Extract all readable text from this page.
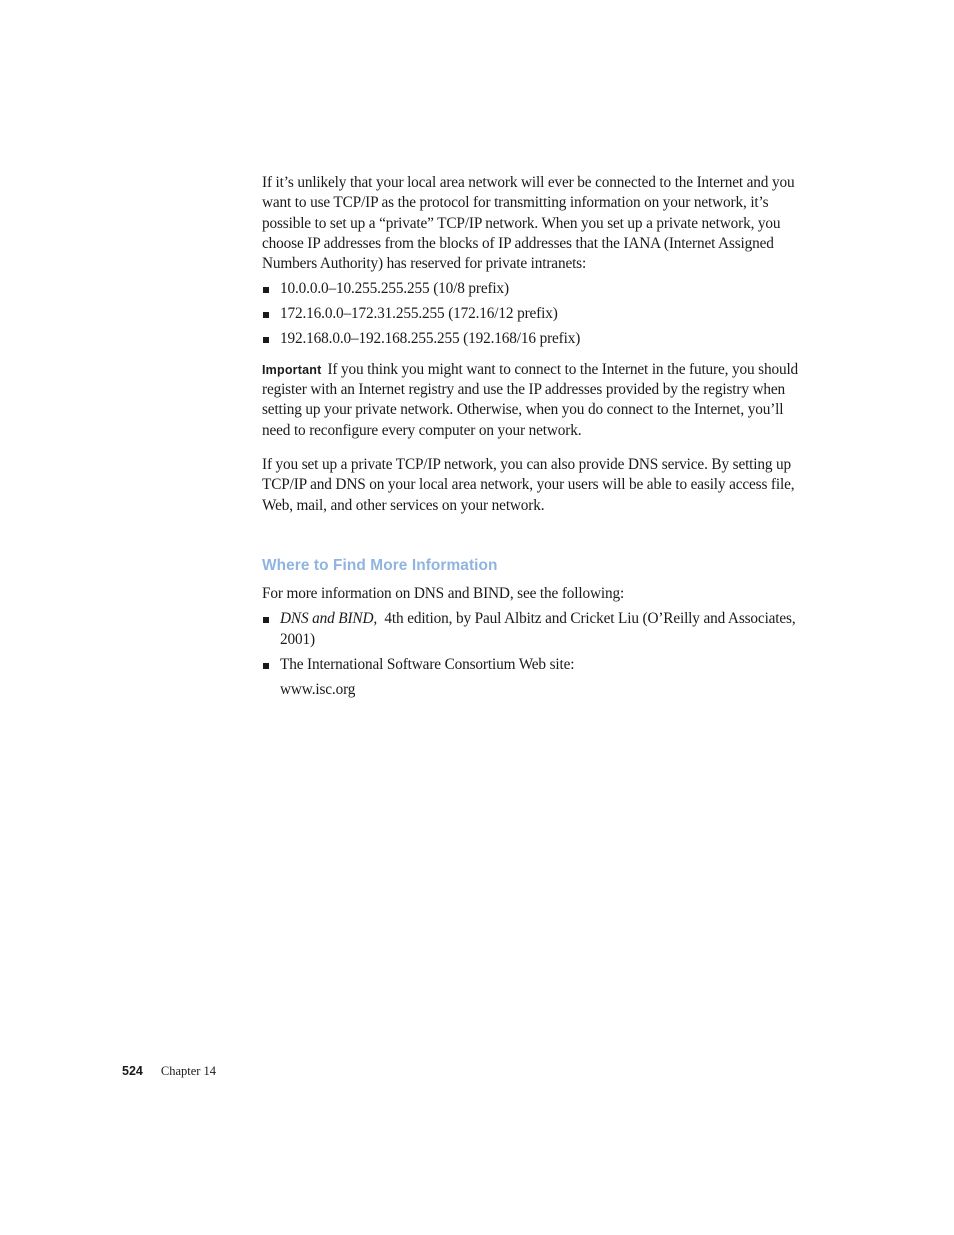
If it’s unlikely that your local area network will ever be connected to the Internet and you want to use TCP/IP as the protocol for transmitting information on your network, it’s possible to set up a “private” TCP/IP network. When you set up a private network, you choose IP addresses from the blocks of IP addresses that the IANA (Internet Assigned Numbers Authority) has reserved for private intranets:

10.0.0.0–10.255.255.255 (10/8 prefix)
172.16.0.0–172.31.255.255 (172.16/12 prefix)
192.168.0.0–192.168.255.255 (192.168/16 prefix)

Important If you think you might want to connect to the Internet in the future, you should register with an Internet registry and use the IP addresses provided by the registry when setting up your private network. Otherwise, when you do connect to the Internet, you’ll need to reconfigure every computer on your network.

If you set up a private TCP/IP network, you can also provide DNS service. By setting up TCP/IP and DNS on your local area network, your users will be able to easily access file, Web, mail, and other services on your network.

Where to Find More Information

For more information on DNS and BIND, see the following:

DNS and BIND, 4th edition, by Paul Albitz and Cricket Liu (O’Reilly and Associates, 2001)
The International Software Consortium Web site:
www.isc.org
524 Chapter 14
